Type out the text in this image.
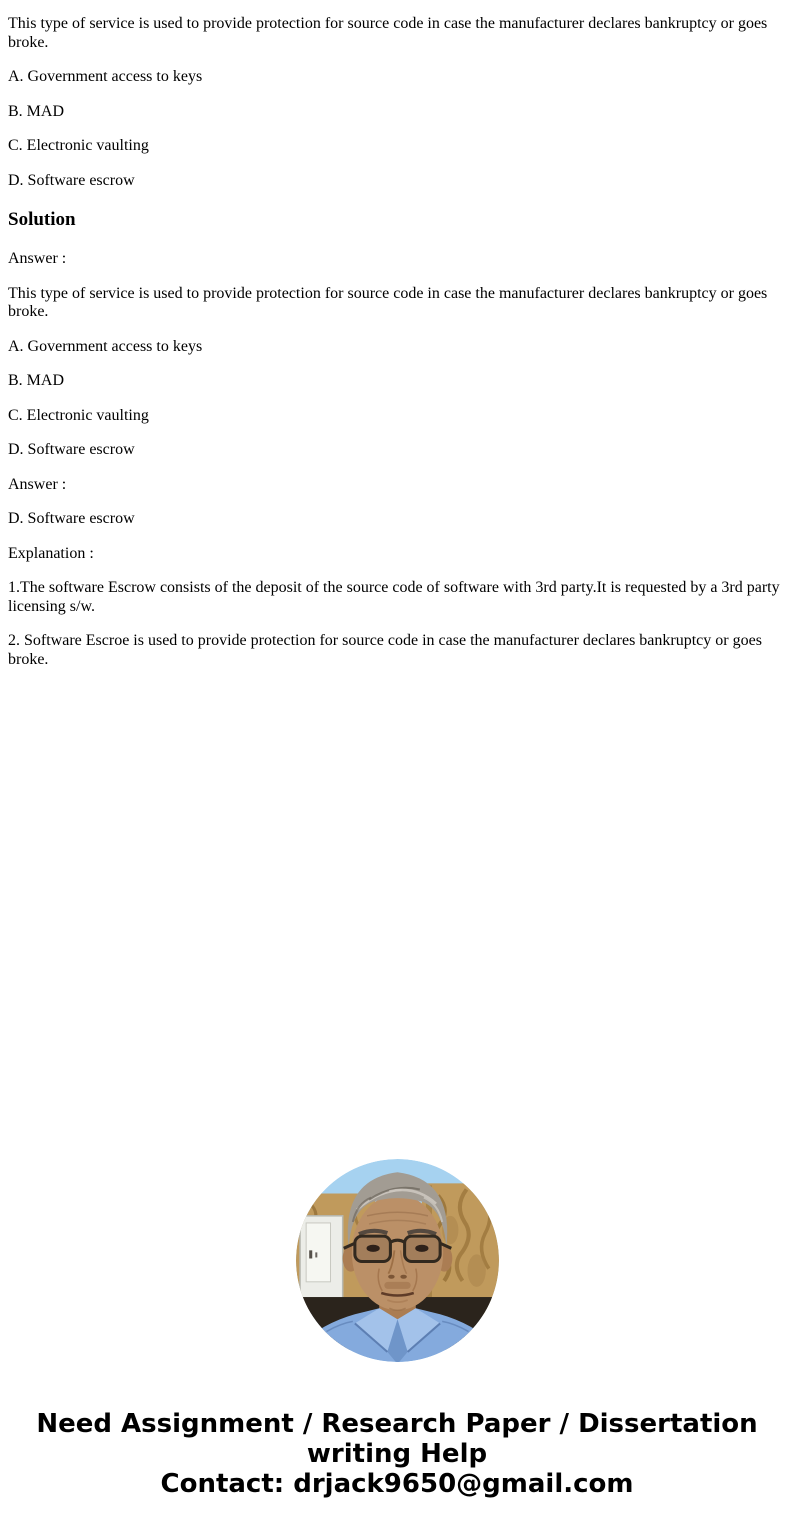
This type of service is used to provide protection for source code in case the manufacturer declares bankruptcy or goes broke.

A. Government access to keys

B. MAD

C. Electronic vaulting

D. Software escrow

Solution

Answer :

This type of service is used to provide protection for source code in case the manufacturer declares bankruptcy or goes broke.

A. Government access to keys

B. MAD

C. Electronic vaulting

D. Software escrow

Answer :

D. Software escrow

Explanation :

1.The software Escrow consists of the deposit of the source code of software with 3rd party.It is requested by a 3rd party licensing s/w.

2. Software Escroe is used to provide protection for source code in case the manufacturer declares bankruptcy or goes broke.

Need Assignment / Research Paper / Dissertation
writing Help
Contact: drjack9650@gmail.com
